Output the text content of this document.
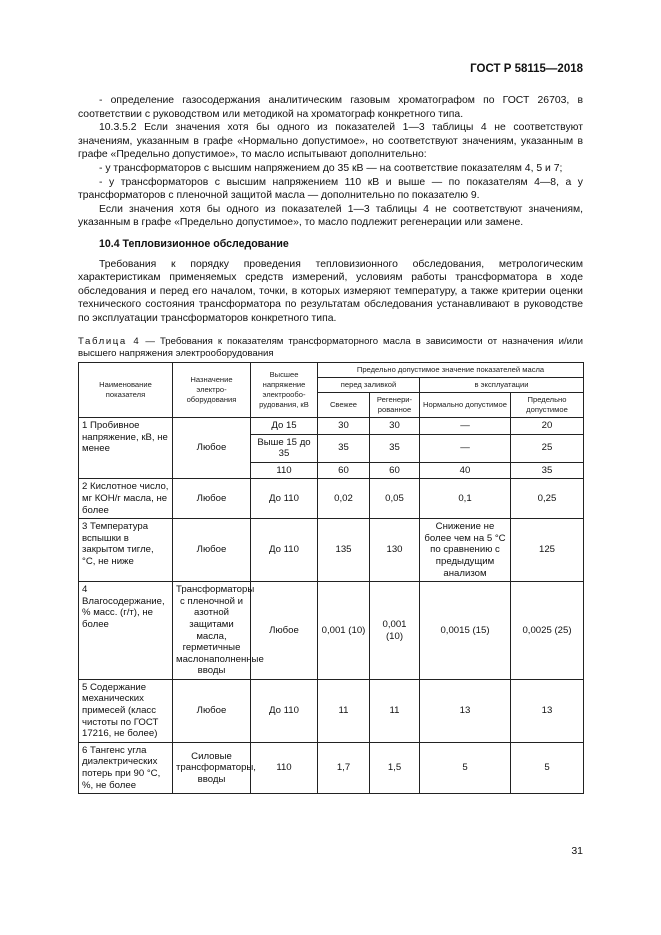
ГОСТ Р 58115—2018

- определение газосодержания аналитическим газовым хроматографом по ГОСТ 26703, в соответствии с руководством или методикой на хроматограф конкретного типа.

10.3.5.2 Если значения хотя бы одного из показателей 1—3 таблицы 4 не соответствуют значениям, указанным в графе «Нормально допустимое», но соответствуют значениям, указанным в графе «Предельно допустимое», то масло испытывают дополнительно:

- у трансформаторов с высшим напряжением до 35 кВ — на соответствие показателям 4, 5 и 7;

- у трансформаторов с высшим напряжением 110 кВ и выше — по показателям 4—8, а у трансформаторов с пленочной защитой масла — дополнительно по показателю 9.

Если значения хотя бы одного из показателей 1—3 таблицы 4 не соответствуют значениям, указанным в графе «Предельно допустимое», то масло подлежит регенерации или замене.

10.4 Тепловизионное обследование

Требования к порядку проведения тепловизионного обследования, метрологическим характеристикам применяемых средств измерений, условиям работы трансформатора в ходе обследования и перед его началом, точки, в которых измеряют температуру, а также критерии оценки технического состояния трансформатора по результатам обследования устанавливают в руководстве по эксплуатации трансформаторов конкретного типа.

Таблица 4 — Требования к показателям трансформаторного масла в зависимости от назначения и/или высшего напряжения электрооборудования
Наименование показателя	Назначение электро-оборудования	Высшее напряжение электрообо-рудования, кВ	Предельно допустимое значение показателей масла			
			перед заливкой		в эксплуатации	
			Свежее	Регенери-рованное	Нормально допустимое	Предельно допустимое
1 Пробивное напряжение, кВ, не менее	Любое	До 15	30	30	—	20
		Выше 15 до 35	35	35	—	25
		110	60	60	40	35
2 Кислотное число, мг КОН/г масла, не более	Любое	До 110	0,02	0,05	0,1	0,25
3 Температура вспышки в закрытом тигле, °С, не ниже	Любое	До 110	135	130	Снижение не более чем на 5 °С по сравнению с предыдущим анализом	125
4 Влагосодержание, % масс. (г/т), не более	Трансформаторы с пленочной и азотной защитами масла, герметичные маслонаполненные вводы	Любое	0,001 (10)	0,001 (10)	0,0015 (15)	0,0025 (25)
5 Содержание механических примесей (класс чистоты по ГОСТ 17216, не более)	Любое	До 110	11	11	13	13
6 Тангенс угла диэлектрических потерь при 90 °С, %, не более	Силовые трансформаторы, вводы	110	1,7	1,5	5	5
31
